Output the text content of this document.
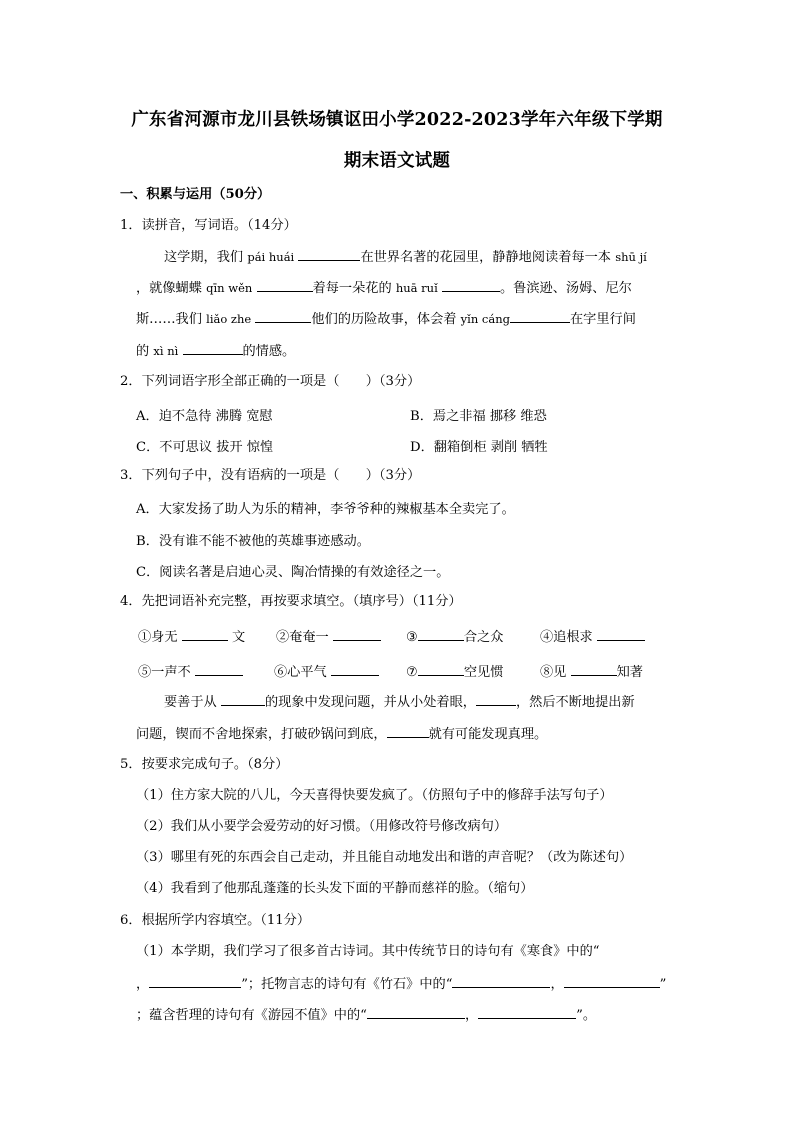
广东省河源市龙川县铁场镇讴田小学2022-2023学年六年级下学期
期末语文试题
一、积累与运用（50分）
1．读拼音，写词语。（14分）
这学期，我们 pái huái	在世界名著的花园里，静静地阅读着每一本 shū jí
，就像蝴蝶 qīn wěn	着每一朵花的 huā ruǐ	。鲁滨逊、汤姆、尼尔
斯……我们 liǎo zhe	他们的历险故事，体会着 yǐn cáng	在字里行间
的 xì nì	的情感。
2．下列词语字形全部正确的一项是（　　）（3分）
A．迫不急待 沸腾 宽慰	B．焉之非福 挪移 维恐
C．不可思议 拔开 惊惶	D．翻箱倒柜 剥削 牺牲
3．下列句子中，没有语病的一项是（　　）（3分）
A．大家发扬了助人为乐的精神，李爷爷种的辣椒基本全卖完了。
B．没有谁不能不被他的英雄事迹感动。
C．阅读名著是启迪心灵、陶冶情操的有效途径之一。
4．先把词语补充完整，再按要求填空。（填序号）（11分）
①身无	文 ②奄奄一	③	合之众	④追根求
⑤一声不	⑥心平气	⑦	空见惯	⑧见	知著
要善于从	的现象中发现问题，并从小处着眼，	，然后不断地提出新
问题，锲而不舍地探索，打破砂锅问到底，	就有可能发现真理。
5．按要求完成句子。（8分）
（1）住方家大院的八儿，今天喜得快要发疯了。（仿照句子中的修辞手法写句子）
（2）我们从小要学会爱劳动的好习惯。（用修改符号修改病句）
（3）哪里有死的东西会自己走动，并且能自动地发出和谐的声音呢？（改为陈述句）
（4）我看到了他那乱蓬蓬的长头发下面的平静而慈祥的脸。（缩句）
6．根据所学内容填空。（11分）
（1）本学期，我们学习了很多首古诗词。其中传统节日的诗句有《寒食》中的“
，	”；托物言志的诗句有《竹石》中的“	，	”
；蕴含哲理的诗句有《游园不值》中的“	，	”。
